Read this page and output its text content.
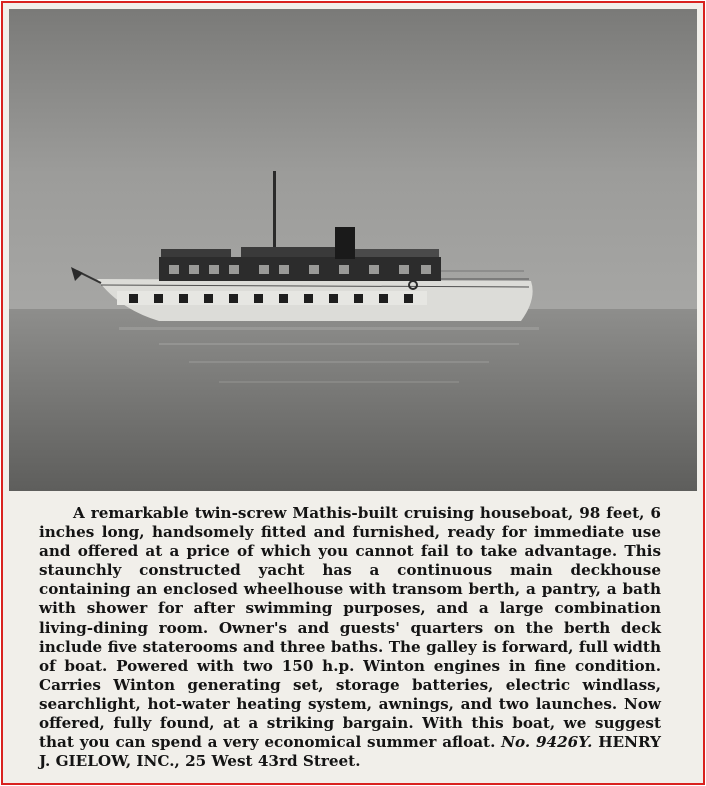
A remarkable twin-screw Mathis-built cruising houseboat, 98 feet, 6 inches long, handsomely fitted and furnished, ready for immediate use and offered at a price of which you cannot fail to take advantage. This staunchly constructed yacht has a continuous main deckhouse containing an enclosed wheelhouse with transom berth, a pantry, a bath with shower for after swimming purposes, and a large combination living-dining room. Owner's and guests' quarters on the berth deck include five staterooms and three baths. The galley is forward, full width of boat. Powered with two 150 h.p. Winton engines in fine condition. Carries Winton generating set, storage batteries, electric windlass, searchlight, hot-water heating system, awnings, and two launches. Now offered, fully found, at a striking bargain. With this boat, we suggest that you can spend a very economical summer afloat. No. 9426Y. HENRY J. GIELOW, INC., 25 West 43rd Street.
